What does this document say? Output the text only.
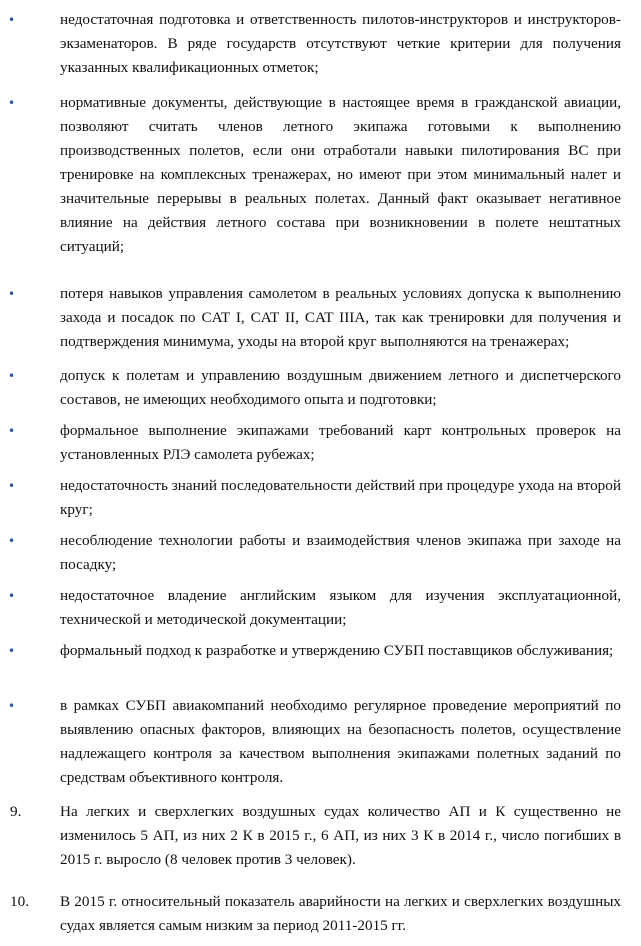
•	недостаточная подготовка и ответственность пилотов-инструкторов и инструкторов-экзаменаторов. В ряде государств отсутствуют четкие критерии для получения указанных квалификационных отметок;
•	нормативные документы, действующие в настоящее время в гражданской авиации, позволяют считать членов летного экипажа готовыми к выполнению производственных полетов, если они отработали навыки пилотирования ВС при тренировке на комплексных тренажерах, но имеют при этом минимальный налет и значительные перерывы в реальных полетах. Данный факт оказывает негативное влияние на действия летного состава при возникновении в полете нештатных ситуаций;
•	потеря навыков управления самолетом в реальных условиях допуска к выполнению захода и посадок по CAT I, CAT II, CAT IIIA, так как тренировки для получения и подтверждения минимума, уходы на второй круг выполняются на тренажерах;
•	допуск к полетам и управлению воздушным движением летного и диспетчерского составов, не имеющих необходимого опыта и подготовки;
•	формальное выполнение экипажами требований карт контрольных проверок на установленных РЛЭ самолета рубежах;
•	недостаточность знаний последовательности действий при процедуре ухода на второй круг;
•	несоблюдение технологии работы и взаимодействия членов экипажа при заходе на посадку;
•	недостаточное владение английским языком для изучения эксплуатационной, технической и методической документации;
•	формальный подход к разработке и утверждению СУБП поставщиков обслуживания;
•	в рамках СУБП авиакомпаний необходимо регулярное проведение мероприятий по выявлению опасных факторов, влияющих на безопасность полетов, осуществление надлежащего контроля за качеством выполнения экипажами полетных заданий по средствам объективного контроля.
9.	На легких и сверхлегких воздушных судах количество АП и К существенно не изменилось 5 АП, из них 2 К в 2015 г., 6 АП, из них 3 К в 2014 г., число погибших в 2015 г. выросло (8 человек против 3 человек).
10.	В 2015 г. относительный показатель аварийности на легких и сверхлегких воздушных судах является самым низким за период 2011-2015 гг.
